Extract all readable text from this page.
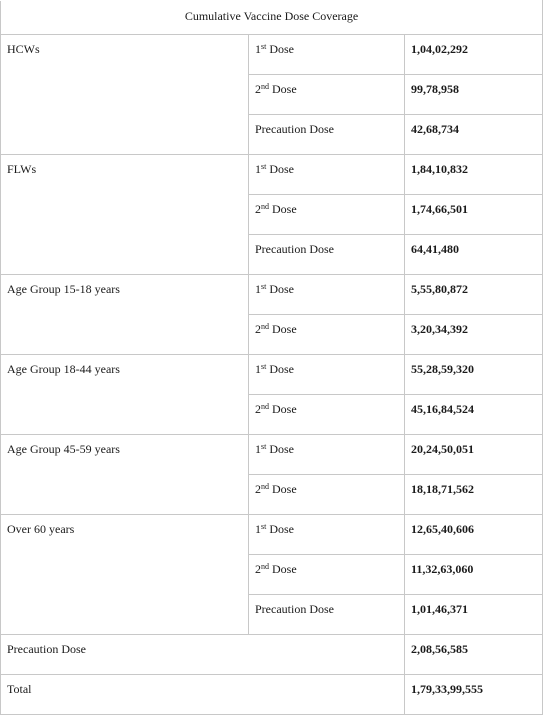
Cumulative Vaccine Dose Coverage		
HCWs	1st Dose	1,04,02,292
	2nd Dose	99,78,958
	Precaution Dose	42,68,734
FLWs	1st Dose	1,84,10,832
	2nd Dose	1,74,66,501
	Precaution Dose	64,41,480
Age Group 15-18 years	1st Dose	5,55,80,872
	2nd Dose	3,20,34,392
Age Group 18-44 years	1st Dose	55,28,59,320
	2nd Dose	45,16,84,524
Age Group 45-59 years	1st Dose	20,24,50,051
	2nd Dose	18,18,71,562
Over 60 years	1st Dose	12,65,40,606
	2nd Dose	11,32,63,060
	Precaution Dose	1,01,46,371
Precaution Dose		2,08,56,585
Total		1,79,33,99,555
